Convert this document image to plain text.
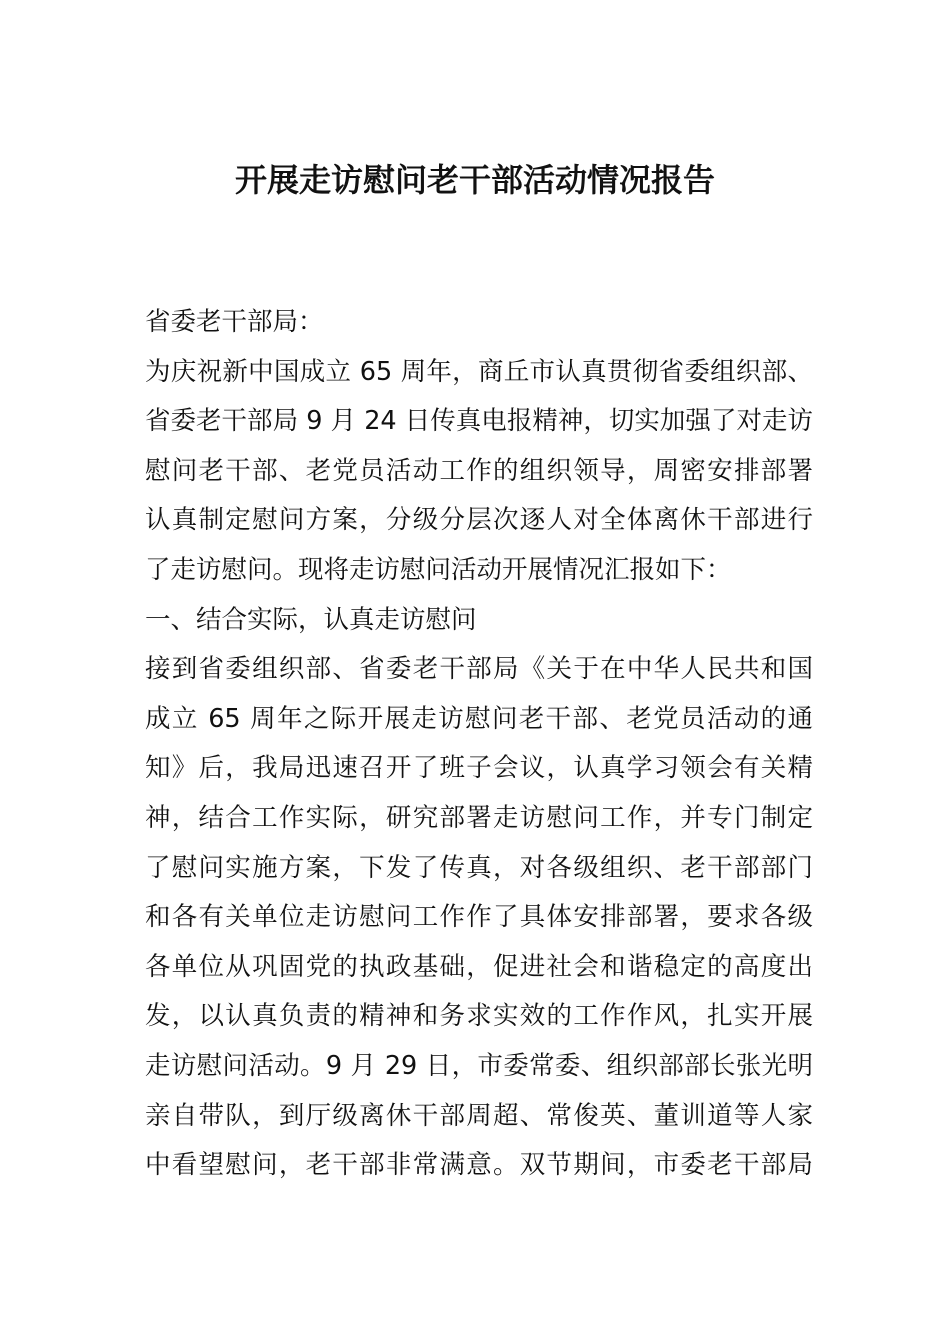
开展走访慰问老干部活动情况报告

省委老干部局：

为庆祝新中国成立 65 周年，商丘市认真贯彻省委组织部、

省委老干部局 9 月 24 日传真电报精神，切实加强了对走访

慰问老干部、老党员活动工作的组织领导，周密安排部署

认真制定慰问方案，分级分层次逐人对全体离休干部进行

了走访慰问。现将走访慰问活动开展情况汇报如下：

一、结合实际，认真走访慰问

接到省委组织部、省委老干部局《关于在中华人民共和国

成立 65 周年之际开展走访慰问老干部、老党员活动的通

知》后，我局迅速召开了班子会议，认真学习领会有关精

神，结合工作实际，研究部署走访慰问工作，并专门制定

了慰问实施方案，下发了传真，对各级组织、老干部部门

和各有关单位走访慰问工作作了具体安排部署，要求各级

各单位从巩固党的执政基础，促进社会和谐稳定的高度出

发，以认真负责的精神和务求实效的工作作风，扎实开展

走访慰问活动。9 月 29 日，市委常委、组织部部长张光明

亲自带队，到厅级离休干部周超、常俊英、董训道等人家

中看望慰问，老干部非常满意。双节期间，市委老干部局
